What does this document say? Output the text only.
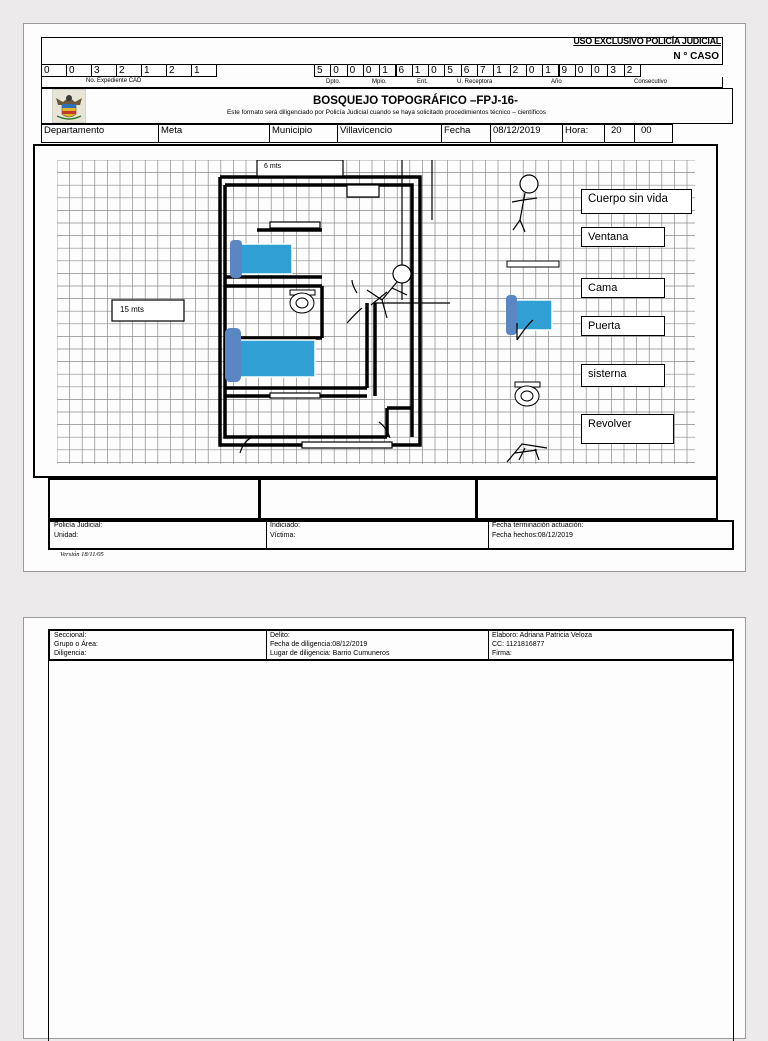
USO EXCLUSIVO POLICÍA JUDICIAL
N ° CASO
0	0	3	2	1	2	1	5	0	0	0	1	6	1	0	5	6	7	1	2	0	1	9	0	0	3	2
No. Expediente CAD	Dpto.	Mpio.	Ent.	U. Receptora	Año	Consecutivo
BOSQUEJO TOPOGRÁFICO –FPJ-16-
Este formato será diligenciado por Policía Judicial cuando se haya solicitado procedimientos técnico – científicos
Departamento	Meta	Municipio	Villavicencio	Fecha	08/12/2019	Hora:	20	00
6 mts
15 mts
Cuerpo sin vida
Ventana
Cama
Puerta
sisterna
Revolver
Policía Judicial:
Unidad:
Indiciado:
Víctima:
Fecha terminación actuación:
Fecha hechos:08/12/2019
Versión 18/11/05
Seccional:
Grupo o Área:
Diligencia:
Delito:
Fecha de diligencia:08/12/2019
Lugar de diligencia: Barrio Cumuneros
Elaboro: Adriana Patricia Veloza
CC: 1121816877
Firma:
